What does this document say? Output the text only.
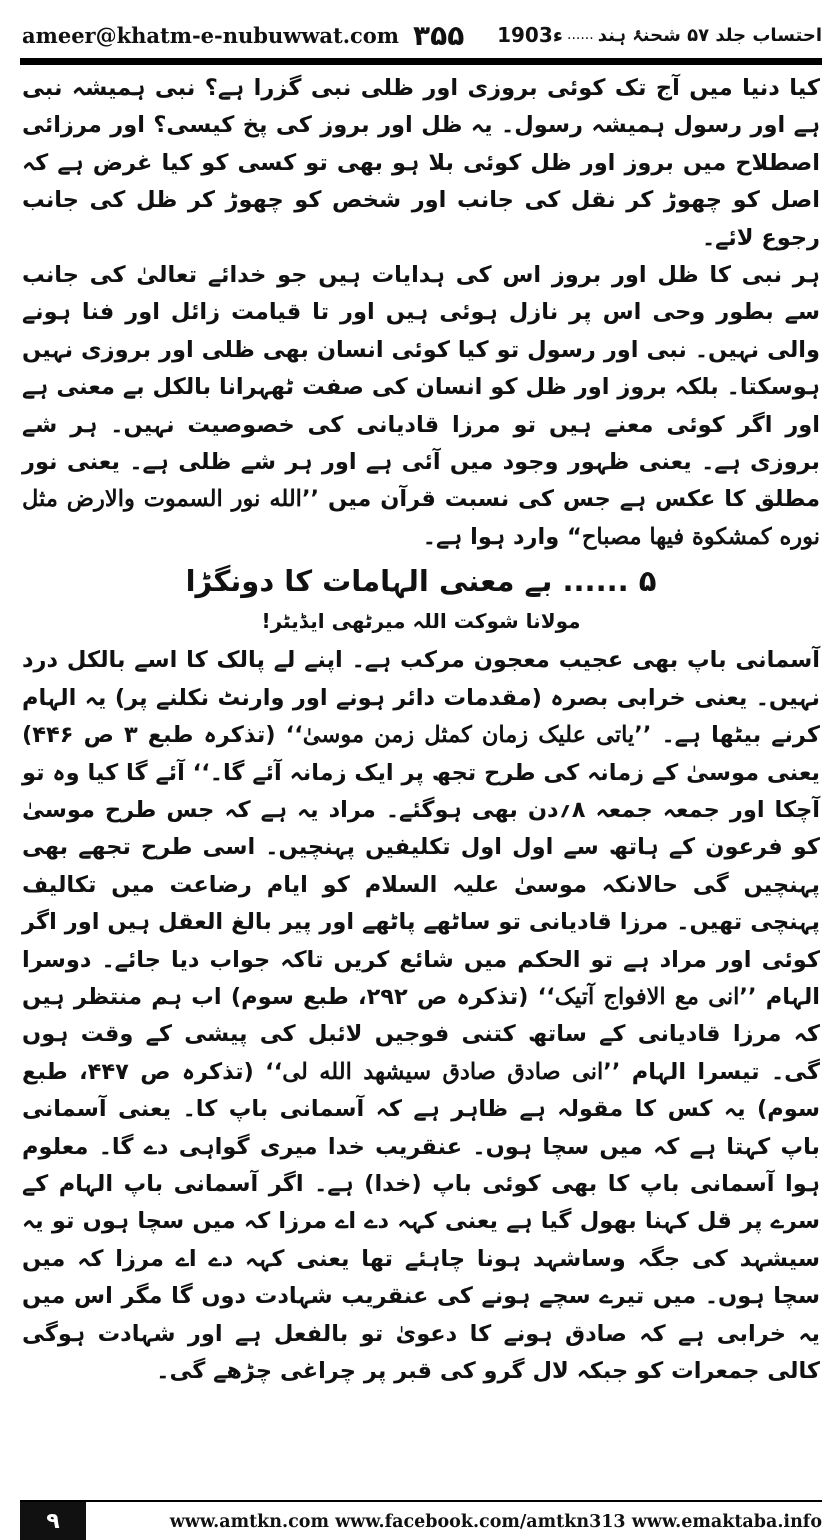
ameer@khatm-e-nubuwwat.com ۳۵۵	احتساب جلد ۵۷ شحنۂ ہند
......
1903ء

کیا دنیا میں آج تک کوئی بروزی اور ظلی نبی گزرا ہے؟ نبی ہمیشہ نبی ہے اور رسول ہمیشہ رسول۔ یہ ظل اور بروز کی پخ کیسی؟ اور مرزائی اصطلاح میں بروز اور ظل کوئی بلا ہو بھی تو کسی کو کیا غرض ہے کہ اصل کو چھوڑ کر نقل کی جانب اور شخص کو چھوڑ کر ظل کی جانب رجوع لائے۔

ہر نبی کا ظل اور بروز اس کی ہدایات ہیں جو خدائے تعالیٰ کی جانب سے بطور وحی اس پر نازل ہوئی ہیں اور تا قیامت زائل اور فنا ہونے والی نہیں۔ نبی اور رسول تو کیا کوئی انسان بھی ظلی اور بروزی نہیں ہوسکتا۔ بلکہ بروز اور ظل کو انسان کی صفت ٹھہرانا بالکل بے معنی ہے اور اگر کوئی معنے ہیں تو مرزا قادیانی کی خصوصیت نہیں۔ ہر شے بروزی ہے۔ یعنی ظہور وجود میں آئی ہے اور ہر شے ظلی ہے۔ یعنی نور مطلق کا عکس ہے جس کی نسبت قرآن میں ’’الله نور السموت والارض مثل نوره كمشكوة فيها مصباح“ وارد ہوا ہے۔

۵ ...... بے معنی الہامات کا دونگڑا
مولانا شوکت اللہ میرٹھی ایڈیٹر!

آسمانی باپ بھی عجیب معجون مرکب ہے۔ اپنے لے پالک کا اسے بالکل درد نہیں۔ یعنی خرابی بصرہ (مقدمات دائر ہونے اور وارنٹ نکلنے پر) یہ الہام کرنے بیٹھا ہے۔ ’’یاتی علیک زمان کمثل زمن موسیٰ‘‘ (تذکرہ طبع ۳ ص ۴۴۶) یعنی موسیٰ کے زمانہ کی طرح تجھ پر ایک زمانہ آئے گا۔‘‘ آئے گا کیا وہ تو آچکا اور جمعہ جمعہ ۸؍دن بھی ہوگئے۔ مراد یہ ہے کہ جس طرح موسیٰ کو فرعون کے ہاتھ سے اول اول تکلیفیں پہنچیں۔ اسی طرح تجھے بھی پہنچیں گی حالانکہ موسیٰ علیہ السلام کو ایام رضاعت میں تکالیف پہنچی تھیں۔ مرزا قادیانی تو ساٹھے پاٹھے اور پیر بالغ العقل ہیں اور اگر کوئی اور مراد ہے تو الحکم میں شائع کریں تاکہ جواب دیا جائے۔ دوسرا الہام ’’انی مع الافواج آتیک‘‘ (تذکرہ ص ۲۹۲، طبع سوم) اب ہم منتظر ہیں کہ مرزا قادیانی کے ساتھ کتنی فوجیں لائبل کی پیشی کے وقت ہوں گی۔ تیسرا الہام ’’انی صادق صادق سیشهد الله لی‘‘ (تذکرہ ص ۴۴۷، طبع سوم) یہ کس کا مقولہ ہے ظاہر ہے کہ آسمانی باپ کا۔ یعنی آسمانی باپ کہتا ہے کہ میں سچا ہوں۔ عنقریب خدا میری گواہی دے گا۔ معلوم ہوا آسمانی باپ کا بھی کوئی باپ (خدا) ہے۔ اگر آسمانی باپ الہام کے سرے پر قل کہنا بھول گیا ہے یعنی کہہ دے اے مرزا کہ میں سچا ہوں تو یہ سیشہد کی جگہ وساشہد ہونا چاہئے تھا یعنی کہہ دے اے مرزا کہ میں سچا ہوں۔ میں تیرے سچے ہونے کی عنقریب شہادت دوں گا مگر اس میں یہ خرابی ہے کہ صادق ہونے کا دعویٰ تو بالفعل ہے اور شہادت ہوگی کالی جمعرات کو جبکہ لال گرو کی قبر پر چراغی چڑھے گی۔

۹	www.amtkn.com www.facebook.com/amtkn313 www.emaktaba.info
